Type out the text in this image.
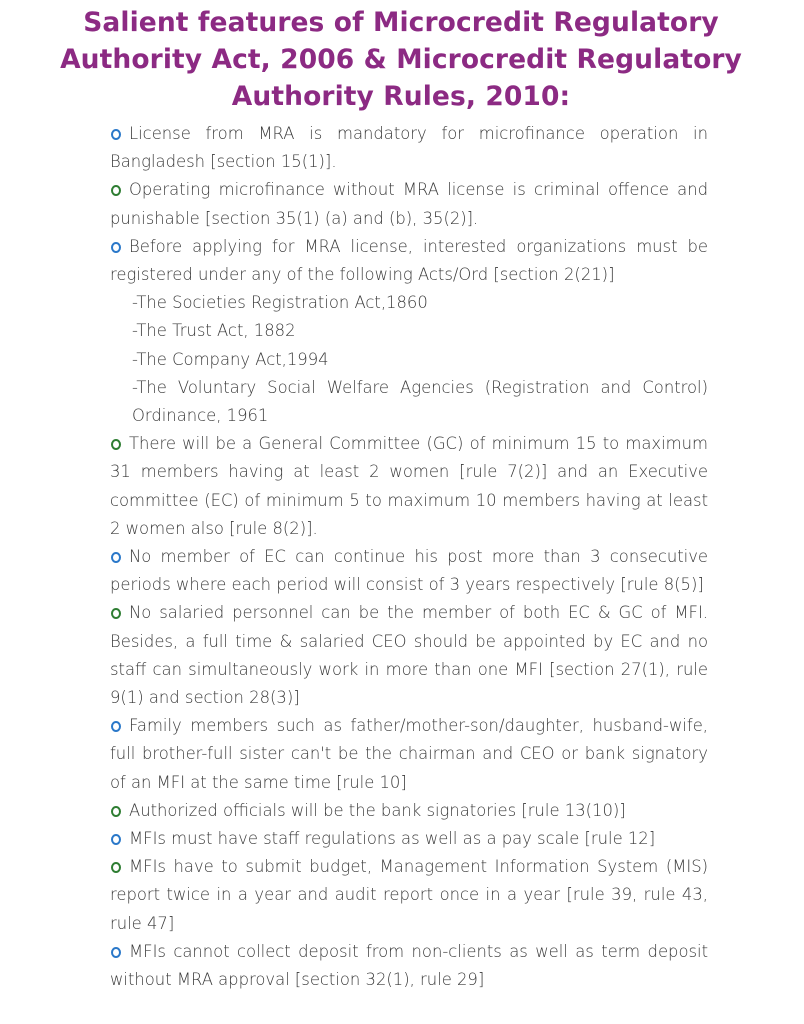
Salient features of Microcredit Regulatory
Authority Act, 2006 & Microcredit Regulatory
Authority Rules, 2010:

License from MRA is mandatory for microfinance operation in Bangladesh [section 15(1)].

Operating microfinance without MRA license is criminal offence and punishable [section 35(1) (a) and (b), 35(2)].

Before applying for MRA license, interested organizations must be registered under any of the following Acts/Ord [section 2(21)]

-The Societies Registration Act,1860

-The Trust Act, 1882

-The Company Act,1994

-The Voluntary Social Welfare Agencies (Registration and Control) Ordinance, 1961

There will be a General Committee (GC) of minimum 15 to maximum 31 members having at least 2 women [rule 7(2)] and an Executive committee (EC) of minimum 5 to maximum 10 members having at least 2 women also [rule 8(2)].

No member of EC can continue his post more than 3 consecutive periods where each period will consist of 3 years respectively [rule 8(5)]

No salaried personnel can be the member of both EC & GC of MFI. Besides, a full time & salaried CEO should be appointed by EC and no staff can simultaneously work in more than one MFI [section 27(1), rule 9(1) and section 28(3)]

Family members such as father/mother-son/daughter, husband-wife, full brother-full sister can't be the chairman and CEO or bank signatory of an MFI at the same time [rule 10]

Authorized officials will be the bank signatories [rule 13(10)]

MFIs must have staff regulations as well as a pay scale [rule 12]

MFIs have to submit budget, Management Information System (MIS) report twice in a year and audit report once in a year [rule 39, rule 43, rule 47]

MFIs cannot collect deposit from non-clients as well as term deposit without MRA approval [section 32(1), rule 29]
